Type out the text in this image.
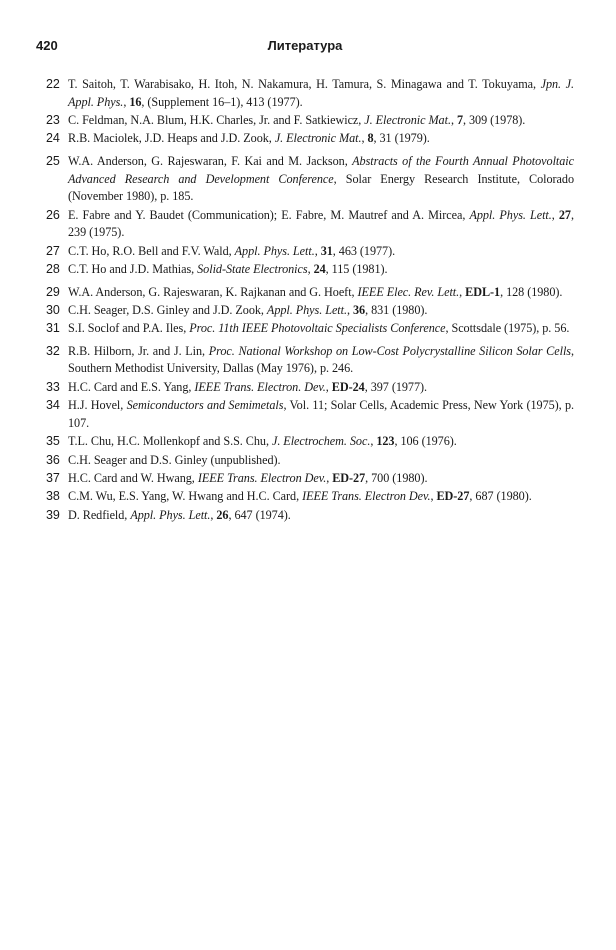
420	Литература
22 T. Saitoh, T. Warabisako, H. Itoh, N. Nakamura, H. Tamura, S. Minagawa and T. Tokuyama, Jpn. J. Appl. Phys., 16, (Supplement 16–1), 413 (1977).
23 C. Feldman, N.A. Blum, H.K. Charles, Jr. and F. Satkiewicz, J. Electronic Mat., 7, 309 (1978).
24 R.B. Maciolek, J.D. Heaps and J.D. Zook, J. Electronic Mat., 8, 31 (1979).
25 W.A. Anderson, G. Rajeswaran, F. Kai and M. Jackson, Abstracts of the Fourth Annual Photovoltaic Advanced Research and Development Conference, Solar Energy Research Institute, Colorado (November 1980), p. 185.
26 E. Fabre and Y. Baudet (Communication); E. Fabre, M. Mautref and A. Mircea, Appl. Phys. Lett., 27, 239 (1975).
27 C.T. Ho, R.O. Bell and F.V. Wald, Appl. Phys. Lett., 31, 463 (1977).
28 C.T. Ho and J.D. Mathias, Solid-State Electronics, 24, 115 (1981).
29 W.A. Anderson, G. Rajeswaran, K. Rajkanan and G. Hoeft, IEEE Elec. Rev. Lett., EDL-1, 128 (1980).
30 C.H. Seager, D.S. Ginley and J.D. Zook, Appl. Phys. Lett., 36, 831 (1980).
31 S.I. Soclof and P.A. Iles, Proc. 11th IEEE Photovoltaic Specialists Conference, Scottsdale (1975), p. 56.
32 R.B. Hilborn, Jr. and J. Lin, Proc. National Workshop on Low-Cost Polycrystalline Silicon Solar Cells, Southern Methodist University, Dallas (May 1976), p. 246.
33 H.C. Card and E.S. Yang, IEEE Trans. Electron. Dev., ED-24, 397 (1977).
34 H.J. Hovel, Semiconductors and Semimetals, Vol. 11; Solar Cells, Academic Press, New York (1975), p. 107.
35 T.L. Chu, H.C. Mollenkopf and S.S. Chu, J. Electrochem. Soc., 123, 106 (1976).
36 C.H. Seager and D.S. Ginley (unpublished).
37 H.C. Card and W. Hwang, IEEE Trans. Electron Dev., ED-27, 700 (1980).
38 C.M. Wu, E.S. Yang, W. Hwang and H.C. Card, IEEE Trans. Electron Dev., ED-27, 687 (1980).
39 D. Redfield, Appl. Phys. Lett., 26, 647 (1974).
